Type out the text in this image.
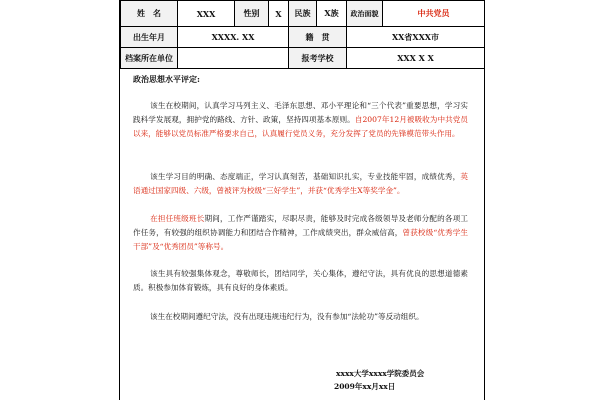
姓　名	XXX	性别	X	民族	X族	政治面貌	中共党员
出生年月	XXXX. XX			籍　贯		XX省XXX市	
档案所在单位				报考学校		XXX X X	
政治思想水平评定:
该生在校期间，认真学习马列主义、毛泽东思想、邓小平理论和“三个代表”重要思想，学习实践科学发展观，拥护党的路线、方针、政策，坚持四项基本原则。自2007年12月被吸收为中共党员以来，能够以党员标准严格要求自己，认真履行党员义务，充分发挥了党员的先锋模范带头作用。
该生学习目的明确、态度端正，学习认真刻苦，基础知识扎实，专业技能牢固，成绩优秀，英语通过国家四级、六级，曾被评为校级“三好学生”，并获“优秀学生X等奖学金”。
在担任班级班长期间，工作严谨踏实，尽职尽责，能够及时完成各级领导及老师分配的各项工作任务，有较强的组织协调能力和团结合作精神，工作成绩突出，群众威信高，曾获校级“优秀学生干部”及“优秀团员”等称号。
该生具有较强集体观念，尊敬师长，团结同学，关心集体，遵纪守法，具有优良的思想道德素质。积极参加体育锻炼，具有良好的身体素质。
该生在校期间遵纪守法，没有出现违规违纪行为，没有参加“法轮功”等反动组织。
xxxx大学xxxx学院委员会
2009年xx月xx日
